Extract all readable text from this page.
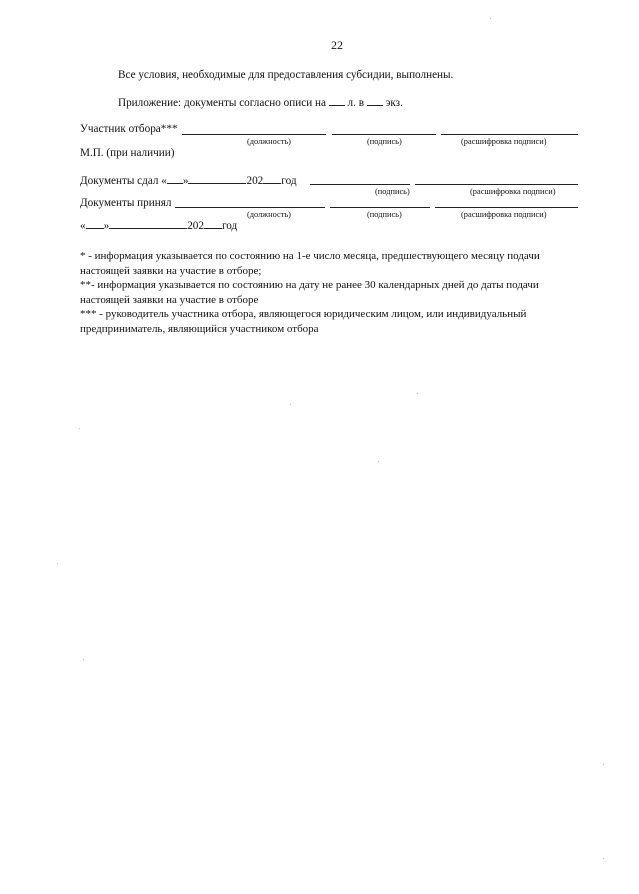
22
Все условия, необходимые для предоставления субсидии, выполнены.
Приложение: документы согласно описи на л. в экз.
Участник отбора***
(должность)	(подпись)	(расшифровка подписи)
М.П. (при наличии)
Документы сдал « »	202 год
(подпись)	(расшифровка подписи)
Документы принял
(должность)	(подпись)	(расшифровка подписи)
« »	202 год
* - информация указывается по состоянию на 1-е число месяца, предшествующего месяцу подачи
настоящей заявки на участие в отборе;
**- информация указывается по состоянию на дату не ранее 30 календарных дней до даты подачи
настоящей заявки на участие в отборе
*** - руководитель участника отбора, являющегося юридическим лицом, или индивидуальный
предприниматель, являющийся участником отбора
